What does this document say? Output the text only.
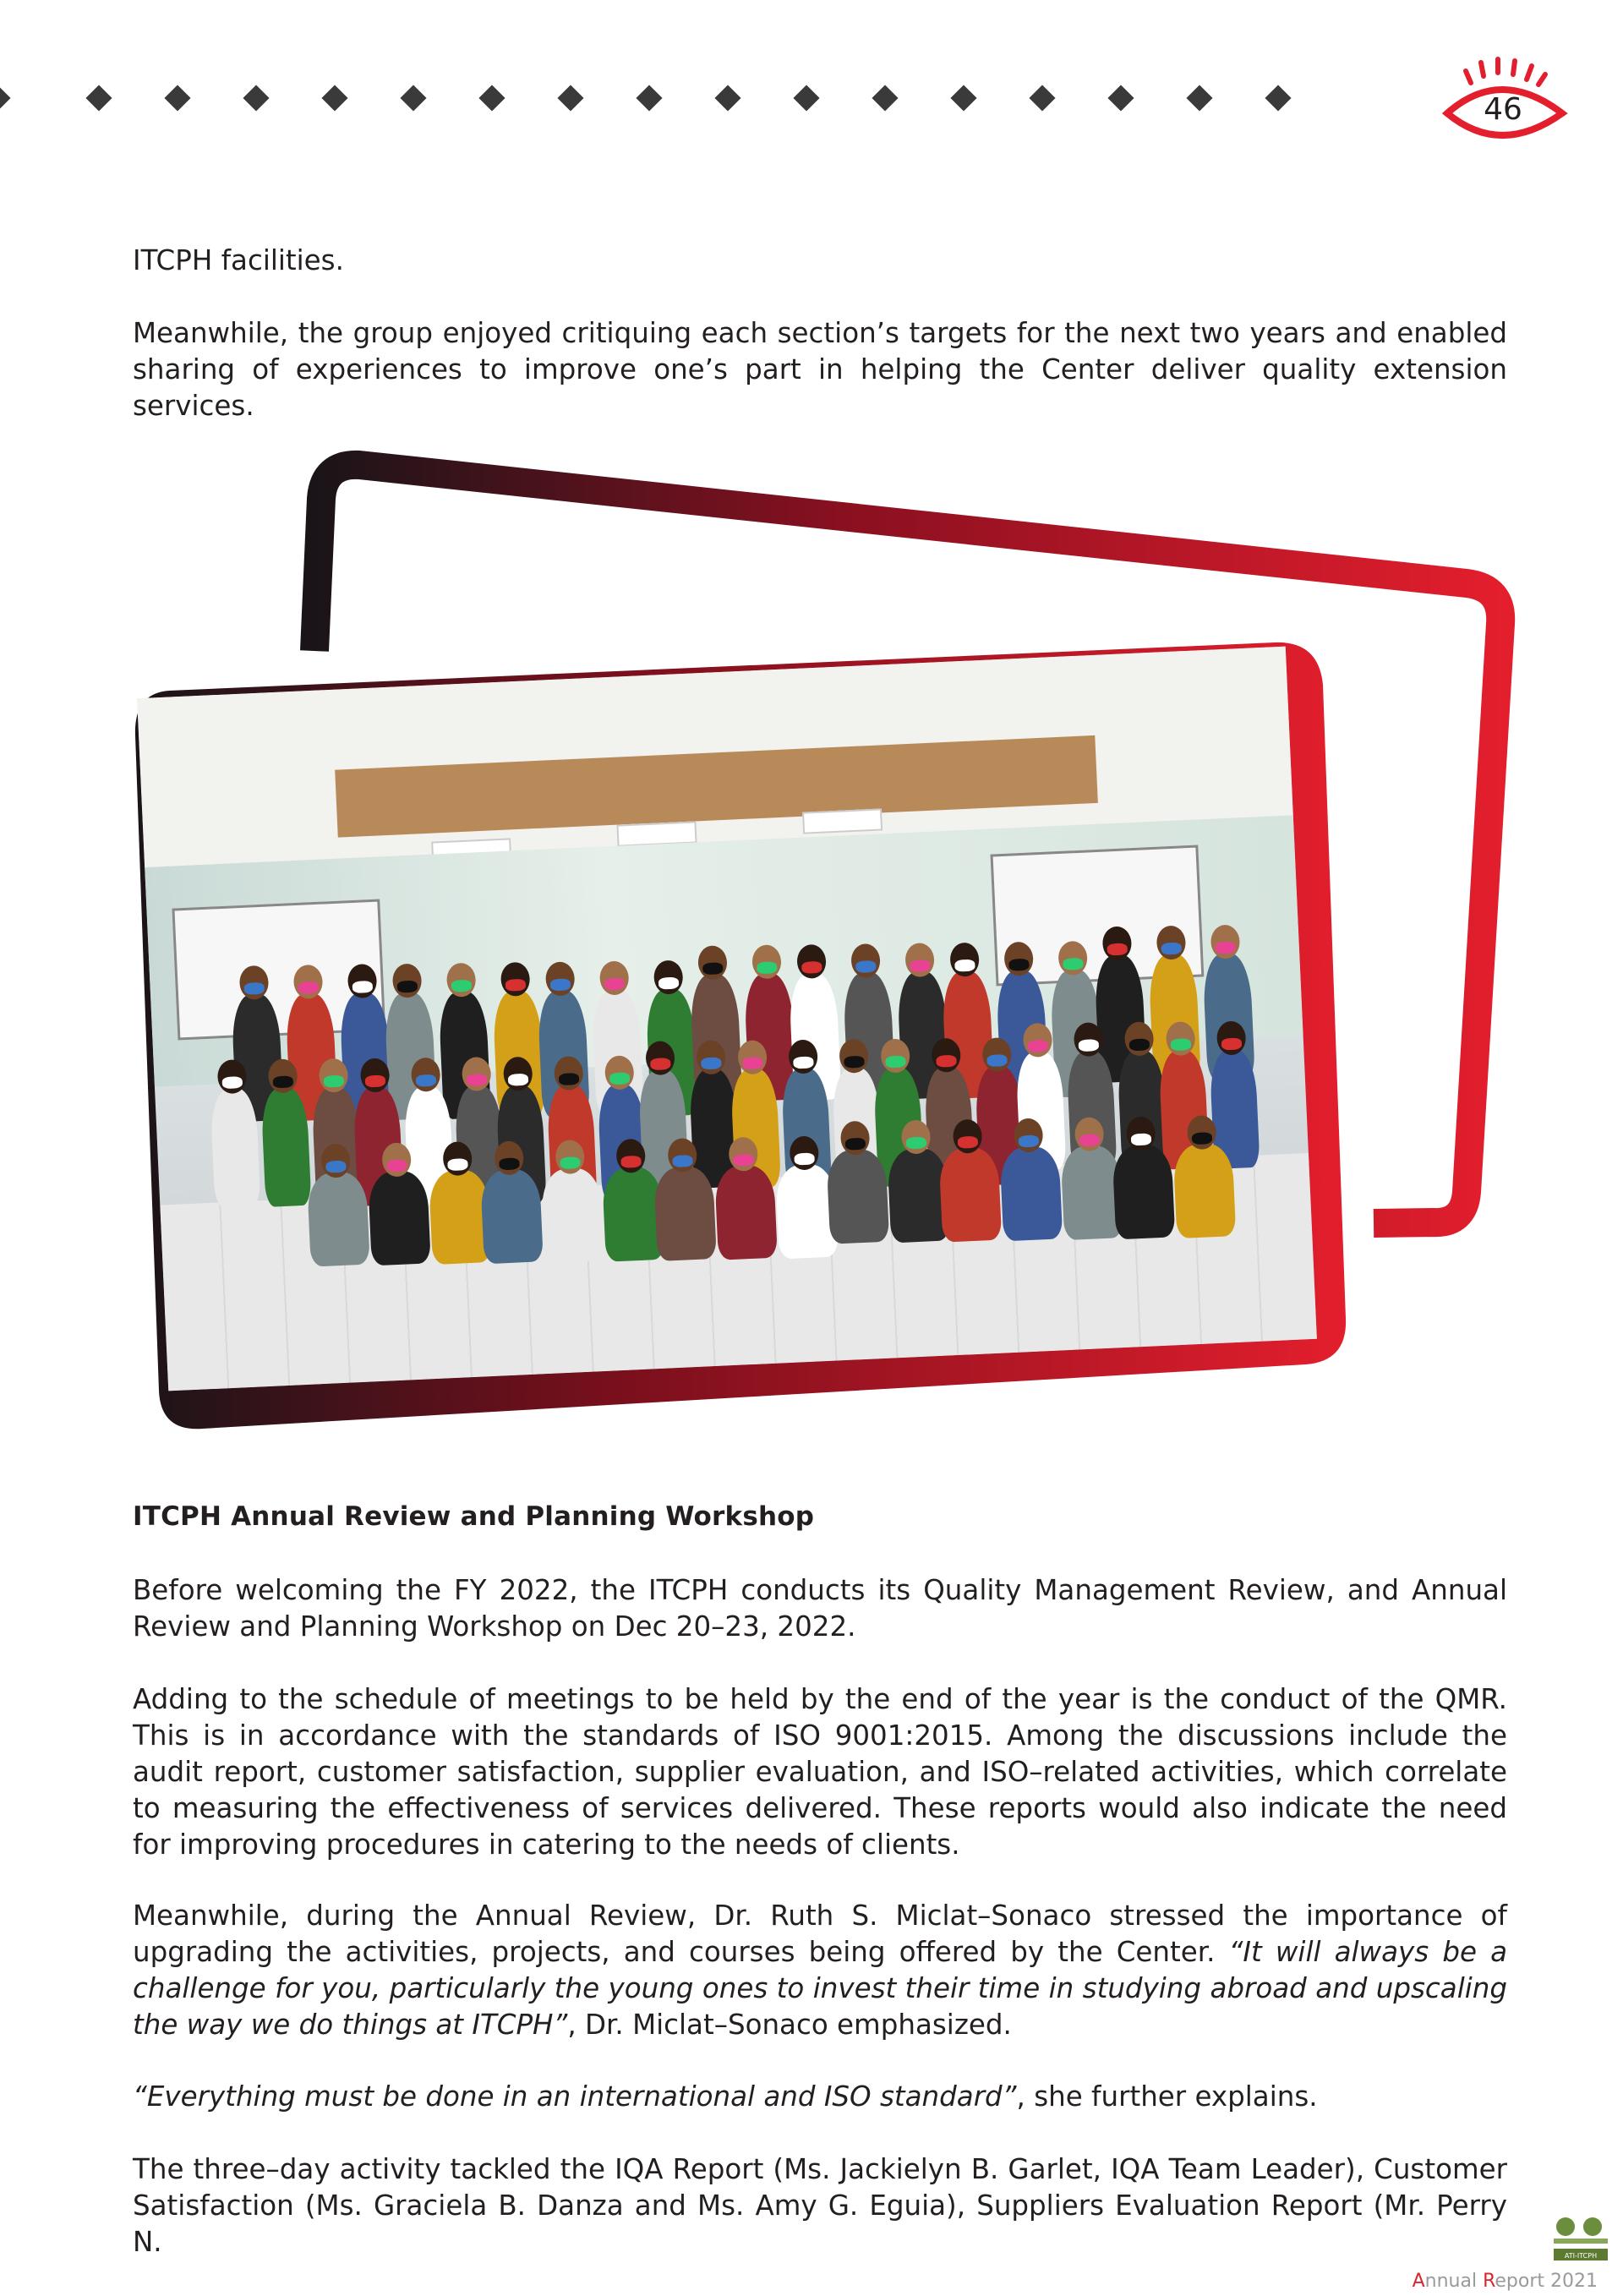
46

ITCPH facilities.

Meanwhile, the group enjoyed critiquing each section’s targets for the next two years and enabled sharing of experiences to improve one’s part in helping the Center deliver quality extension services.

ITCPH Annual Review and Planning Workshop

Before welcoming the FY 2022, the ITCPH conducts its Quality Management Review, and Annual Review and Planning Workshop on Dec 20–23, 2022.

Adding to the schedule of meetings to be held by the end of the year is the conduct of the QMR. This is in accordance with the standards of ISO 9001:2015. Among the discussions include the audit report, customer satisfaction, supplier evaluation, and ISO–related activities, which correlate to measuring the effectiveness of services delivered. These reports would also indicate the need for improving procedures in catering to the needs of clients.

Meanwhile, during the Annual Review, Dr. Ruth S. Miclat–Sonaco stressed the importance of upgrading the activities, projects, and courses being offered by the Center. “It will always be a challenge for you, particularly the young ones to invest their time in studying abroad and upscaling the way we do things at ITCPH”, Dr. Miclat–Sonaco emphasized.

“Everything must be done in an international and ISO standard”, she further explains.

The three–day activity tackled the IQA Report (Ms. Jackielyn B. Garlet, IQA Team Leader), Customer Satisfaction (Ms. Graciela B. Danza and Ms. Amy G. Eguia), Suppliers Evaluation Report (Mr. Perry N.	ATI-ITCPH
Annual Report 2021
